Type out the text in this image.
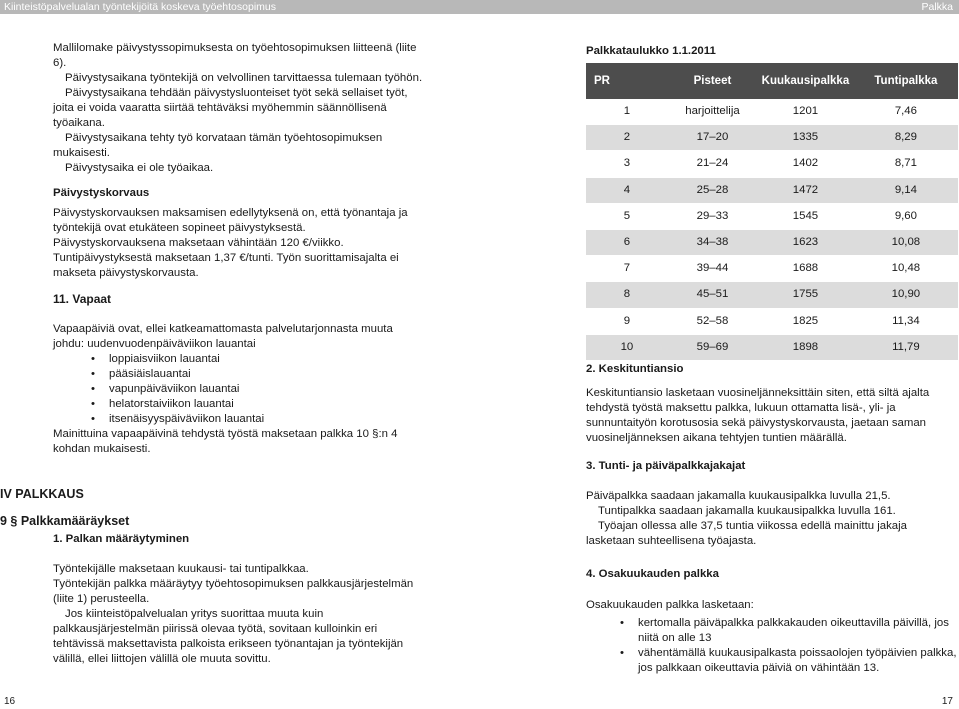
Kiinteistöpalvelualan työntekijöitä koskeva työehtosopimus	Palkka

Mallilomake päivystyssopimuksesta on työehtosopimuksen liitteenä (liite 6).

Päivystysaikana työntekijä on velvollinen tarvittaessa tulemaan työhön.

Päivystysaikana tehdään päivystysluonteiset työt sekä sellaiset työt, joita ei voida vaaratta siirtää tehtäväksi myöhemmin säännöllisenä työaikana.

Päivystysaikana tehty työ korvataan tämän työehtosopimuksen mukaisesti.

Päivystysaika ei ole työaikaa.

Päivystyskorvaus

Päivystyskorvauksen maksamisen edellytyksenä on, että työnantaja ja työntekijä ovat etukäteen sopineet päivystyksestä.

Päivystyskorvauksena maksetaan vähintään 120 €/viikko.

Tuntipäivystyksestä maksetaan 1,37 €/tunti. Työn suorittamisajalta ei makseta päivystyskorvausta.

11. Vapaat

Vapaapäiviä ovat, ellei katkeamattomasta palvelutarjonnasta muuta johdu: uudenvuodenpäiväviikon lauantai

• loppiaisviikon lauantai
• pääsiäislauantai
• vapunpäiväviikon lauantai
• helatorstaiviikon lauantai
• itsenäisyyspäiväviikon lauantai

Mainittuina vapaapäivinä tehdystä työstä maksetaan palkka 10 §:n 4 kohdan mukaisesti.

IV PALKKAUS

9 § Palkkamääräykset

1. Palkan määräytyminen

Työntekijälle maksetaan kuukausi- tai tuntipalkkaa.

Työntekijän palkka määräytyy työehtosopimuksen palkkausjärjestelmän (liite 1) perusteella.

Jos kiinteistöpalvelualan yritys suorittaa muuta kuin palkkausjärjestelmän piirissä olevaa työtä, sovitaan kulloinkin eri tehtävissä maksettavista palkoista erikseen työnantajan ja työntekijän välillä, ellei liittojen välillä ole muuta sovittu.

Palkkataulukko 1.1.2011

PR	Pisteet	Kuukausipalkka	Tuntipalkka
1	harjoittelija	1201	7,46
2	17–20	1335	8,29
3	21–24	1402	8,71
4	25–28	1472	9,14
5	29–33	1545	9,60
6	34–38	1623	10,08
7	39–44	1688	10,48
8	45–51	1755	10,90
9	52–58	1825	11,34
10	59–69	1898	11,79

2. Keskituntiansio

Keskituntiansio lasketaan vuosineljänneksittäin siten, että siltä ajalta tehdystä työstä maksettu palkka, lukuun ottamatta lisä-, yli- ja sunnuntaityön korotusosia sekä päivystyskorvausta, jaetaan saman vuosineljänneksen aikana tehtyjen tuntien määrällä.

3. Tunti- ja päiväpalkkajakajat

Päiväpalkka saadaan jakamalla kuukausipalkka luvulla 21,5.

Tuntipalkka saadaan jakamalla kuukausipalkka luvulla 161.

Työajan ollessa alle 37,5 tuntia viikossa edellä mainittu jakaja lasketaan suhteellisena työajasta.

4. Osakuukauden palkka

Osakuukauden palkka lasketaan:

• kertomalla päiväpalkka palkkakauden oikeuttavilla päivillä, jos niitä on alle 13
• vähentämällä kuukausipalkasta poissaolojen työpäivien palkka, jos palkkaan oikeuttavia päiviä on vähintään 13.
16	17
